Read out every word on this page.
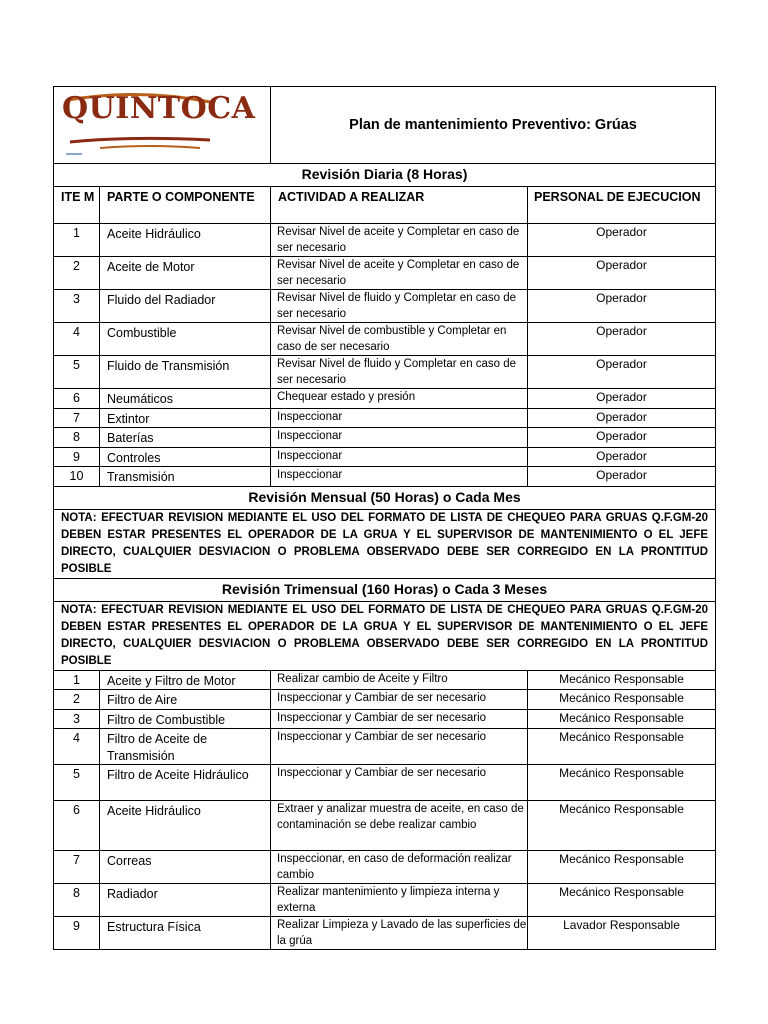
QUINTOCA		Plan de mantenimiento Preventivo: Grúas	
Revisión Diaria (8 Horas)			
ITE M	PARTE O COMPONENTE	ACTIVIDAD A REALIZAR	PERSONAL DE EJECUCION
1	Aceite Hidráulico	Revisar Nivel de aceite y Completar en caso de ser necesario	Operador
2	Aceite de Motor	Revisar Nivel de aceite y Completar en caso de ser necesario	Operador
3	Fluido del Radiador	Revisar Nivel de fluido y Completar en caso de ser necesario	Operador
4	Combustible	Revisar Nivel de combustible y Completar en caso de ser necesario	Operador
5	Fluido de Transmisión	Revisar Nivel de fluido y Completar en caso de ser necesario	Operador
6	Neumáticos	Chequear estado y presión	Operador
7	Extintor	Inspeccionar	Operador
8	Baterías	Inspeccionar	Operador
9	Controles	Inspeccionar	Operador
10	Transmisión	Inspeccionar	Operador
Revisión Mensual (50 Horas) o Cada Mes			
NOTA: EFECTUAR REVISION MEDIANTE EL USO DEL FORMATO DE LISTA DE CHEQUEO PARA GRUAS Q.F.GM-20 DEBEN ESTAR PRESENTES EL OPERADOR DE LA GRUA Y EL SUPERVISOR DE MANTENIMIENTO O EL JEFE DIRECTO, CUALQUIER DESVIACION O PROBLEMA OBSERVADO DEBE SER CORREGIDO EN LA PRONTITUD POSIBLE			
Revisión Trimensual (160 Horas) o Cada 3 Meses			
NOTA: EFECTUAR REVISION MEDIANTE EL USO DEL FORMATO DE LISTA DE CHEQUEO PARA GRUAS Q.F.GM-20 DEBEN ESTAR PRESENTES EL OPERADOR DE LA GRUA Y EL SUPERVISOR DE MANTENIMIENTO O EL JEFE DIRECTO, CUALQUIER DESVIACION O PROBLEMA OBSERVADO DEBE SER CORREGIDO EN LA PRONTITUD POSIBLE			
1	Aceite y Filtro de Motor	Realizar cambio de Aceite y Filtro	Mecánico Responsable
2	Filtro de Aire	Inspeccionar y Cambiar de ser necesario	Mecánico Responsable
3	Filtro de Combustible	Inspeccionar y Cambiar de ser necesario	Mecánico Responsable
4	Filtro de Aceite de Transmisión	Inspeccionar y Cambiar de ser necesario	Mecánico Responsable
5	Filtro de Aceite Hidráulico	Inspeccionar y Cambiar de ser necesario	Mecánico Responsable
6	Aceite Hidráulico	Extraer y analizar muestra de aceite, en caso de contaminación se debe realizar cambio	Mecánico Responsable
7	Correas	Inspeccionar, en caso de deformación realizar cambio	Mecánico Responsable
8	Radiador	Realizar mantenimiento y limpieza interna y externa	Mecánico Responsable
9	Estructura Física	Realizar Limpieza y Lavado de las superficies de la grúa	Lavador Responsable
